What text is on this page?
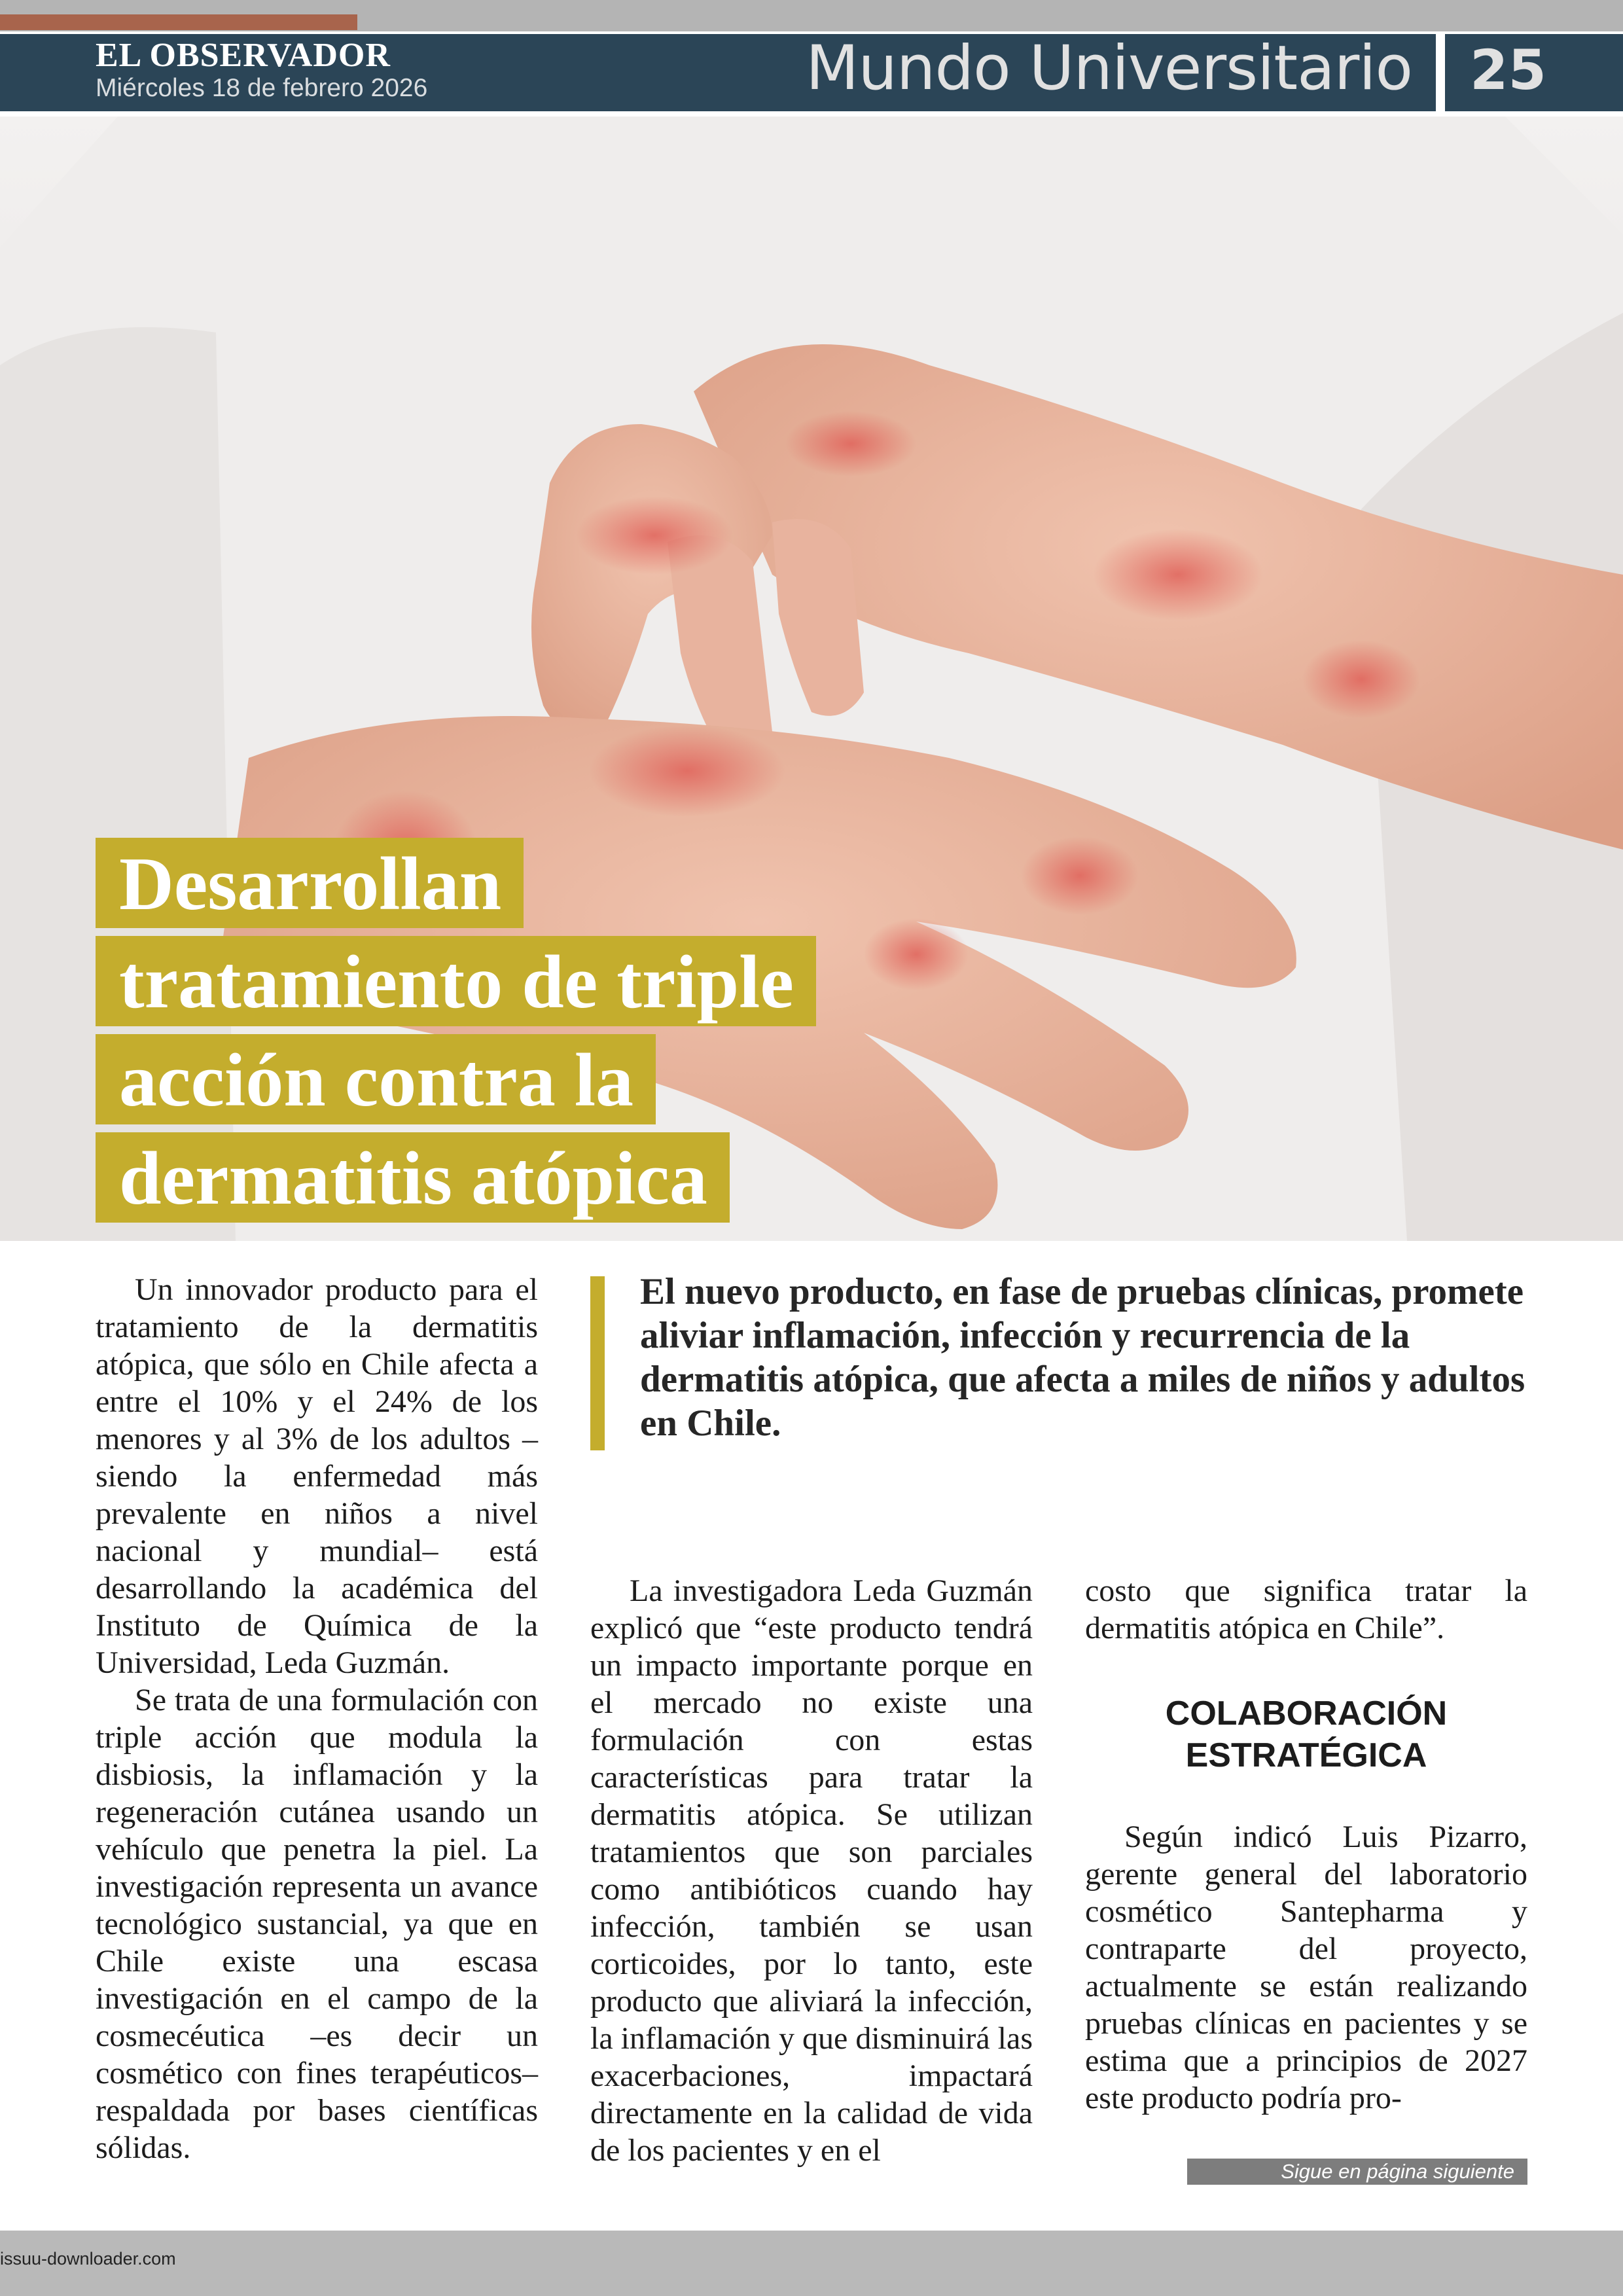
EL OBSERVADOR
Miércoles 18 de febrero 2026	Mundo Universitario 25
Desarrollan
tratamiento de triple
acción contra la
dermatitis atópica

Un innovador producto para el tratamiento de la dermatitis atópica, que sólo en Chile afecta a entre el 10% y el 24% de los menores y al 3% de los adultos –siendo la enfermedad más prevalente en niños a nivel nacional y mundial– está desarrollando la académica del Instituto de Química de la Universidad, Leda Guzmán.

Se trata de una formulación con triple acción que modula la disbiosis, la inflamación y la regeneración cutánea usando un vehículo que penetra la piel. La investigación representa un avance tecnológico sustancial, ya que en Chile existe una escasa investigación en el campo de la cosmecéutica –es decir un cosmético con fines terapéuticos– respaldada por bases científicas sólidas.

El nuevo producto, en fase de pruebas clínicas, promete aliviar inflamación, infección y recurrencia de la dermatitis atópica, que afecta a miles de niños y adultos en Chile.

La investigadora Leda Guzmán explicó que “este producto tendrá un impacto importante porque en el mercado no existe una formulación con estas características para tratar la dermatitis atópica. Se utilizan tratamientos que son parciales como antibióticos cuando hay infección, también se usan corticoides, por lo tanto, este producto que aliviará la infección, la inflamación y que disminuirá las exacerbaciones, impactará directamente en la calidad de vida de los pacientes y en el

costo que significa tratar la dermatitis atópica en Chile”.

COLABORACIÓN ESTRATÉGICA

Según indicó Luis Pizarro, gerente general del laboratorio cosmético Santepharma y contraparte del proyecto, actualmente se están realizando pruebas clínicas en pacientes y se estima que a principios de 2027 este producto podría pro-

Sigue en página siguiente
issuu-downloader.com
